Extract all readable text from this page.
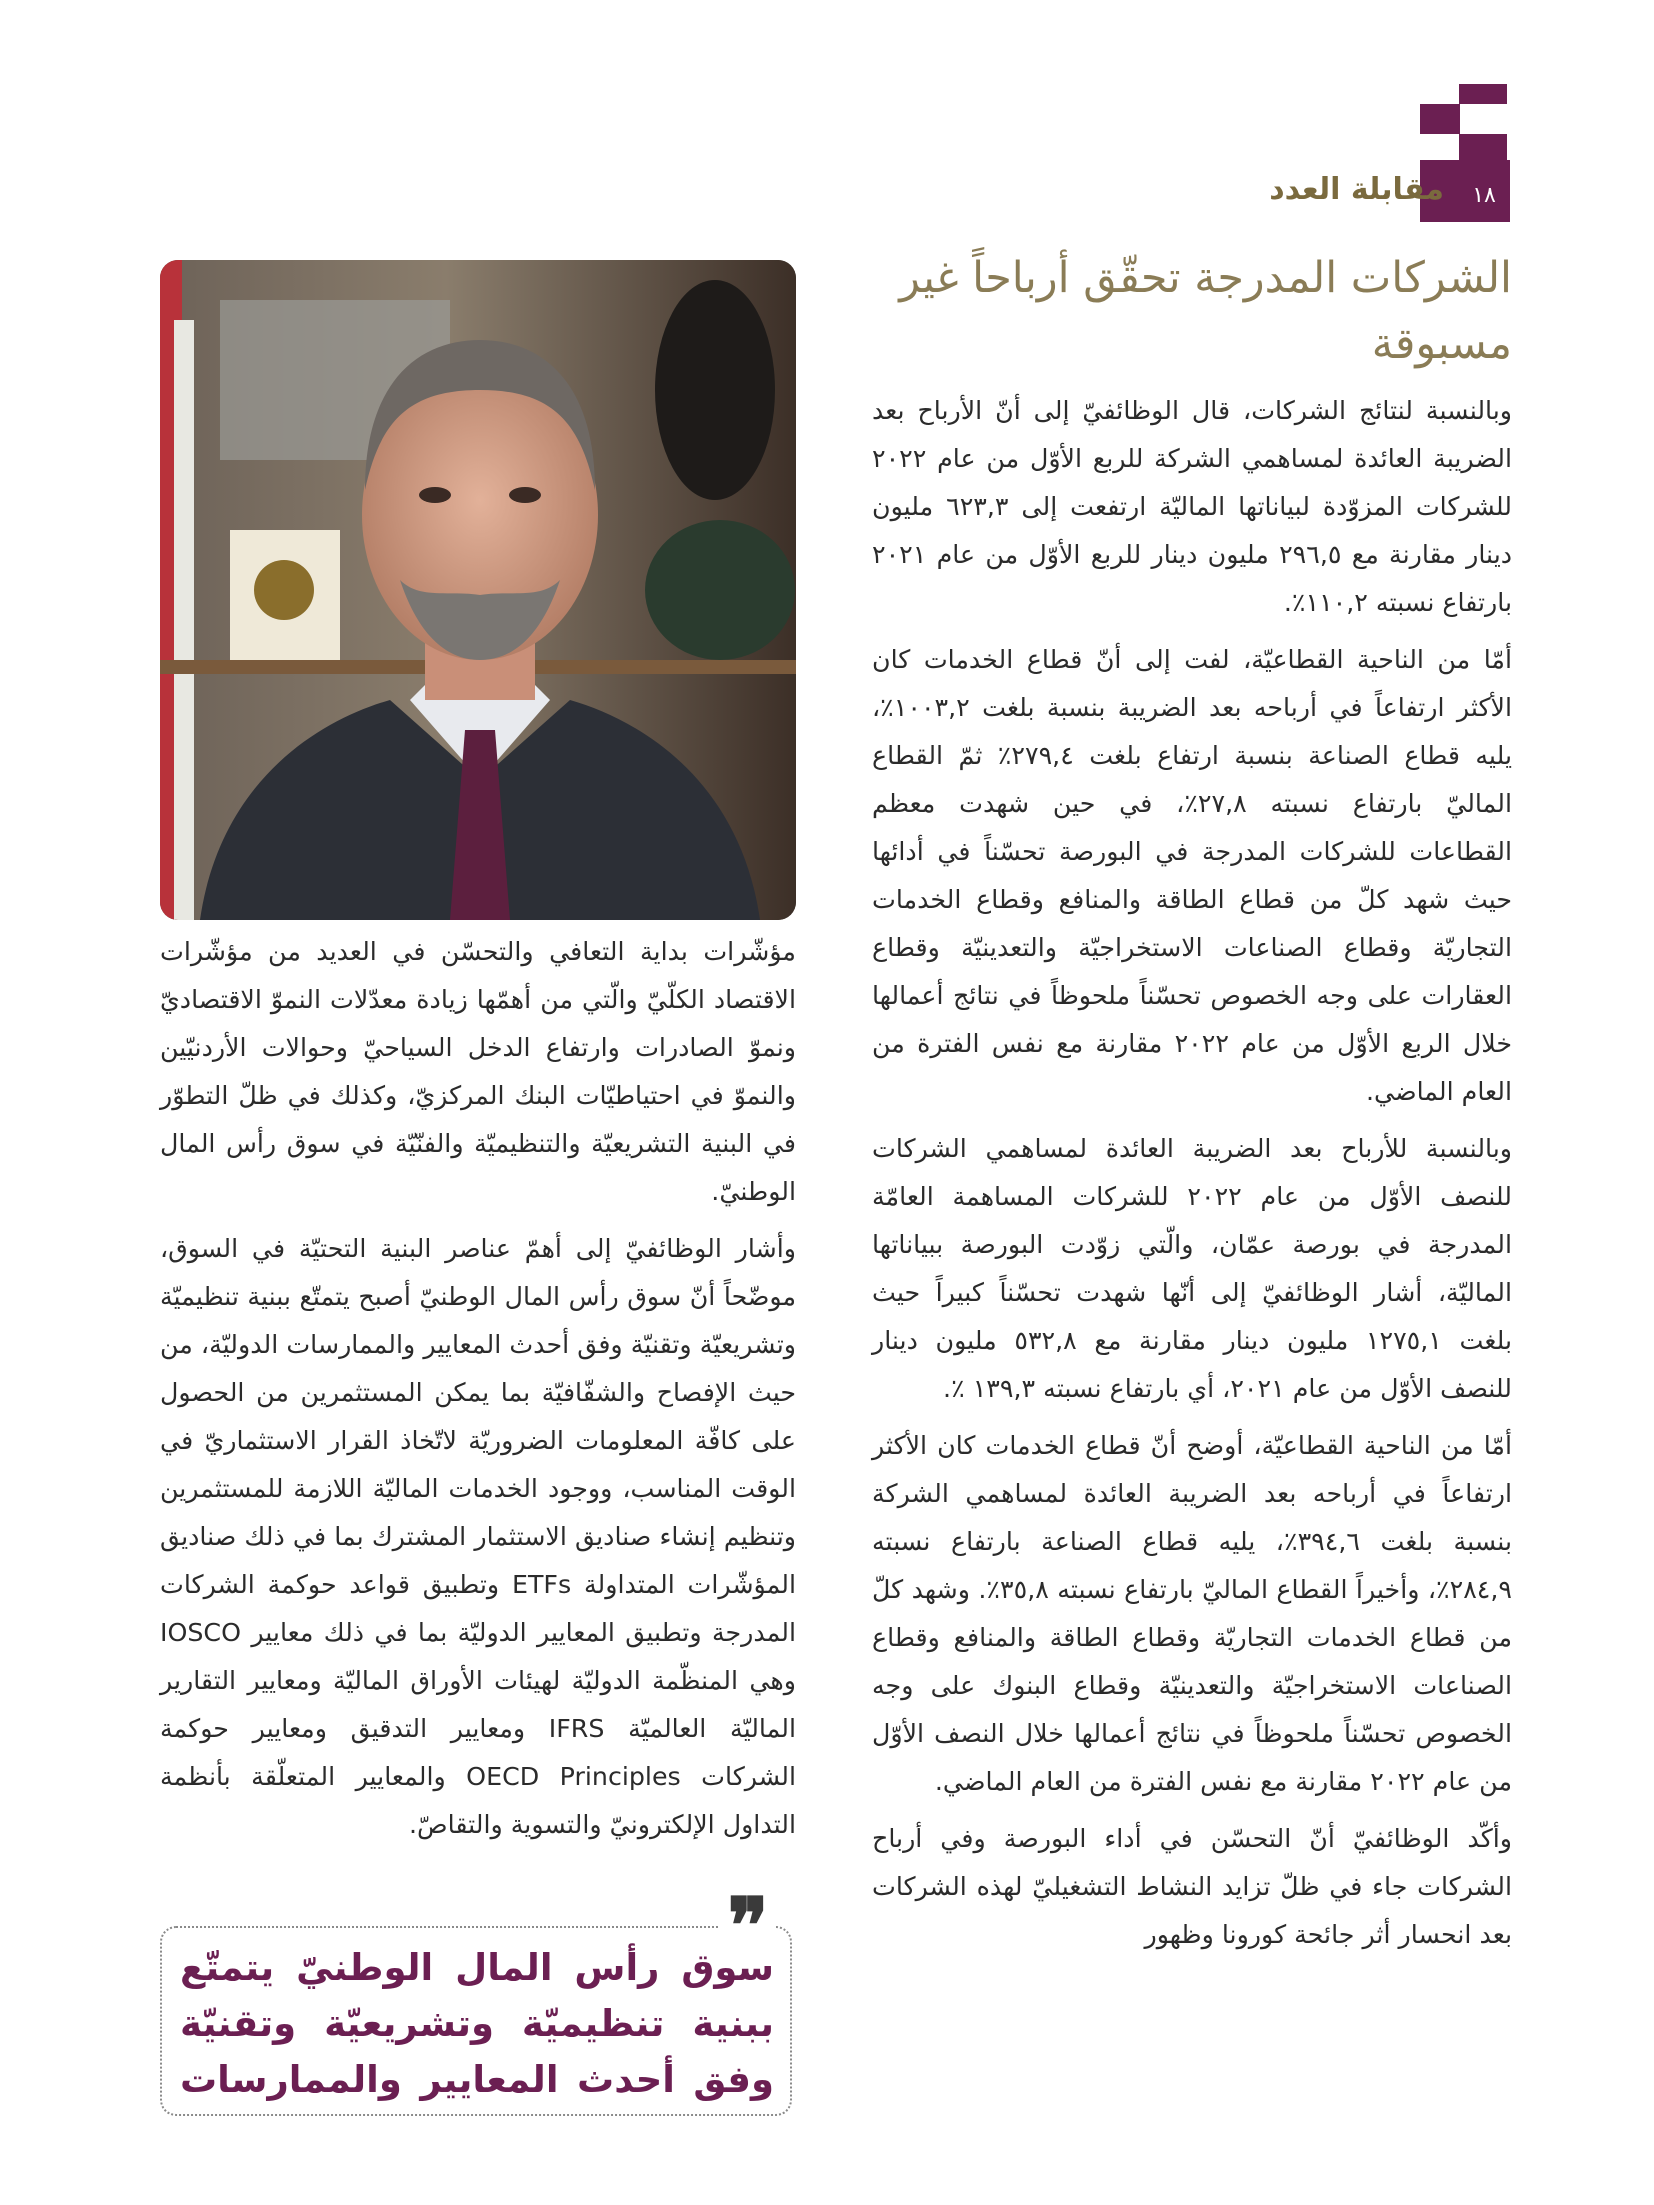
١٨
مقابلة العدد
الشركات المدرجة تحقّق أرباحاً غير مسبوقة

وبالنسبة لنتائج الشركات، قال الوظائفيّ إلى أنّ الأرباح بعد الضريبة العائدة لمساهمي الشركة للربع الأوّل من عام ٢٠٢٢ للشركات المزوّدة لبياناتها الماليّة ارتفعت إلى ٦٢٣,٣ مليون دينار مقارنة مع ٢٩٦,٥ مليون دينار للربع الأوّل من عام ٢٠٢١ بارتفاع نسبته ١١٠,٢٪.

أمّا من الناحية القطاعيّة، لفت إلى أنّ قطاع الخدمات كان الأكثر ارتفاعاً في أرباحه بعد الضريبة بنسبة بلغت ١٠٠٣,٢٪، يليه قطاع الصناعة بنسبة ارتفاع بلغت ٢٧٩,٤٪ ثمّ القطاع الماليّ بارتفاع نسبته ٢٧,٨٪، في حين شهدت معظم القطاعات للشركات المدرجة في البورصة تحسّناً في أدائها حيث شهد كلّ من قطاع الطاقة والمنافع وقطاع الخدمات التجاريّة وقطاع الصناعات الاستخراجيّة والتعدينيّة وقطاع العقارات على وجه الخصوص تحسّناً ملحوظاً في نتائج أعمالها خلال الربع الأوّل من عام ٢٠٢٢ مقارنة مع نفس الفترة من العام الماضي.

وبالنسبة للأرباح بعد الضريبة العائدة لمساهمي الشركات للنصف الأوّل من عام ٢٠٢٢ للشركات المساهمة العامّة المدرجة في بورصة عمّان، والّتي زوّدت البورصة ببياناتها الماليّة، أشار الوظائفيّ إلى أنّها شهدت تحسّناً كبيراً حيث بلغت ١٢٧٥,١ مليون دينار مقارنة مع ٥٣٢,٨ مليون دينار للنصف الأوّل من عام ٢٠٢١، أي بارتفاع نسبته ١٣٩,٣ ٪.

أمّا من الناحية القطاعيّة، أوضح أنّ قطاع الخدمات كان الأكثر ارتفاعاً في أرباحه بعد الضريبة العائدة لمساهمي الشركة بنسبة بلغت ٣٩٤,٦٪، يليه قطاع الصناعة بارتفاع نسبته ٢٨٤,٩٪، وأخيراً القطاع الماليّ بارتفاع نسبته ٣٥,٨٪. وشهد كلّ من قطاع الخدمات التجاريّة وقطاع الطاقة والمنافع وقطاع الصناعات الاستخراجيّة والتعدينيّة وقطاع البنوك على وجه الخصوص تحسّناً ملحوظاً في نتائج أعمالها خلال النصف الأوّل من عام ٢٠٢٢ مقارنة مع نفس الفترة من العام الماضي.

وأكّد الوظائفيّ أنّ التحسّن في أداء البورصة وفي أرباح الشركات جاء في ظلّ تزايد النشاط التشغيليّ لهذه الشركات بعد انحسار أثر جائحة كورونا وظهور

مؤشّرات بداية التعافي والتحسّن في العديد من مؤشّرات الاقتصاد الكلّيّ والّتي من أهمّها زيادة معدّلات النموّ الاقتصاديّ ونموّ الصادرات وارتفاع الدخل السياحيّ وحوالات الأردنيّين والنموّ في احتياطيّات البنك المركزيّ، وكذلك في ظلّ التطوّر في البنية التشريعيّة والتنظيميّة والفنّيّة في سوق رأس المال الوطنيّ.

وأشار الوظائفيّ إلى أهمّ عناصر البنية التحتيّة في السوق، موضّحاً أنّ سوق رأس المال الوطنيّ أصبح يتمتّع ببنية تنظيميّة وتشريعيّة وتقنيّة وفق أحدث المعايير والممارسات الدوليّة، من حيث الإفصاح والشفّافيّة بما يمكن المستثمرين من الحصول على كافّة المعلومات الضروريّة لاتّخاذ القرار الاستثماريّ في الوقت المناسب، ووجود الخدمات الماليّة اللازمة للمستثمرين وتنظيم إنشاء صناديق الاستثمار المشترك بما في ذلك صناديق المؤشّرات المتداولة ETFs وتطبيق قواعد حوكمة الشركات المدرجة وتطبيق المعايير الدوليّة بما في ذلك معايير IOSCO وهي المنظّمة الدوليّة لهيئات الأوراق الماليّة ومعايير التقارير الماليّة العالميّة IFRS ومعايير التدقيق ومعايير حوكمة الشركات OECD Principles والمعايير المتعلّقة بأنظمة التداول الإلكترونيّ والتسوية والتقاصّ.

❞
سوق رأس المال الوطنيّ يتمتّع ببنية تنظيميّة وتشريعيّة وتقنيّة وفق أحدث المعايير والممارسات
